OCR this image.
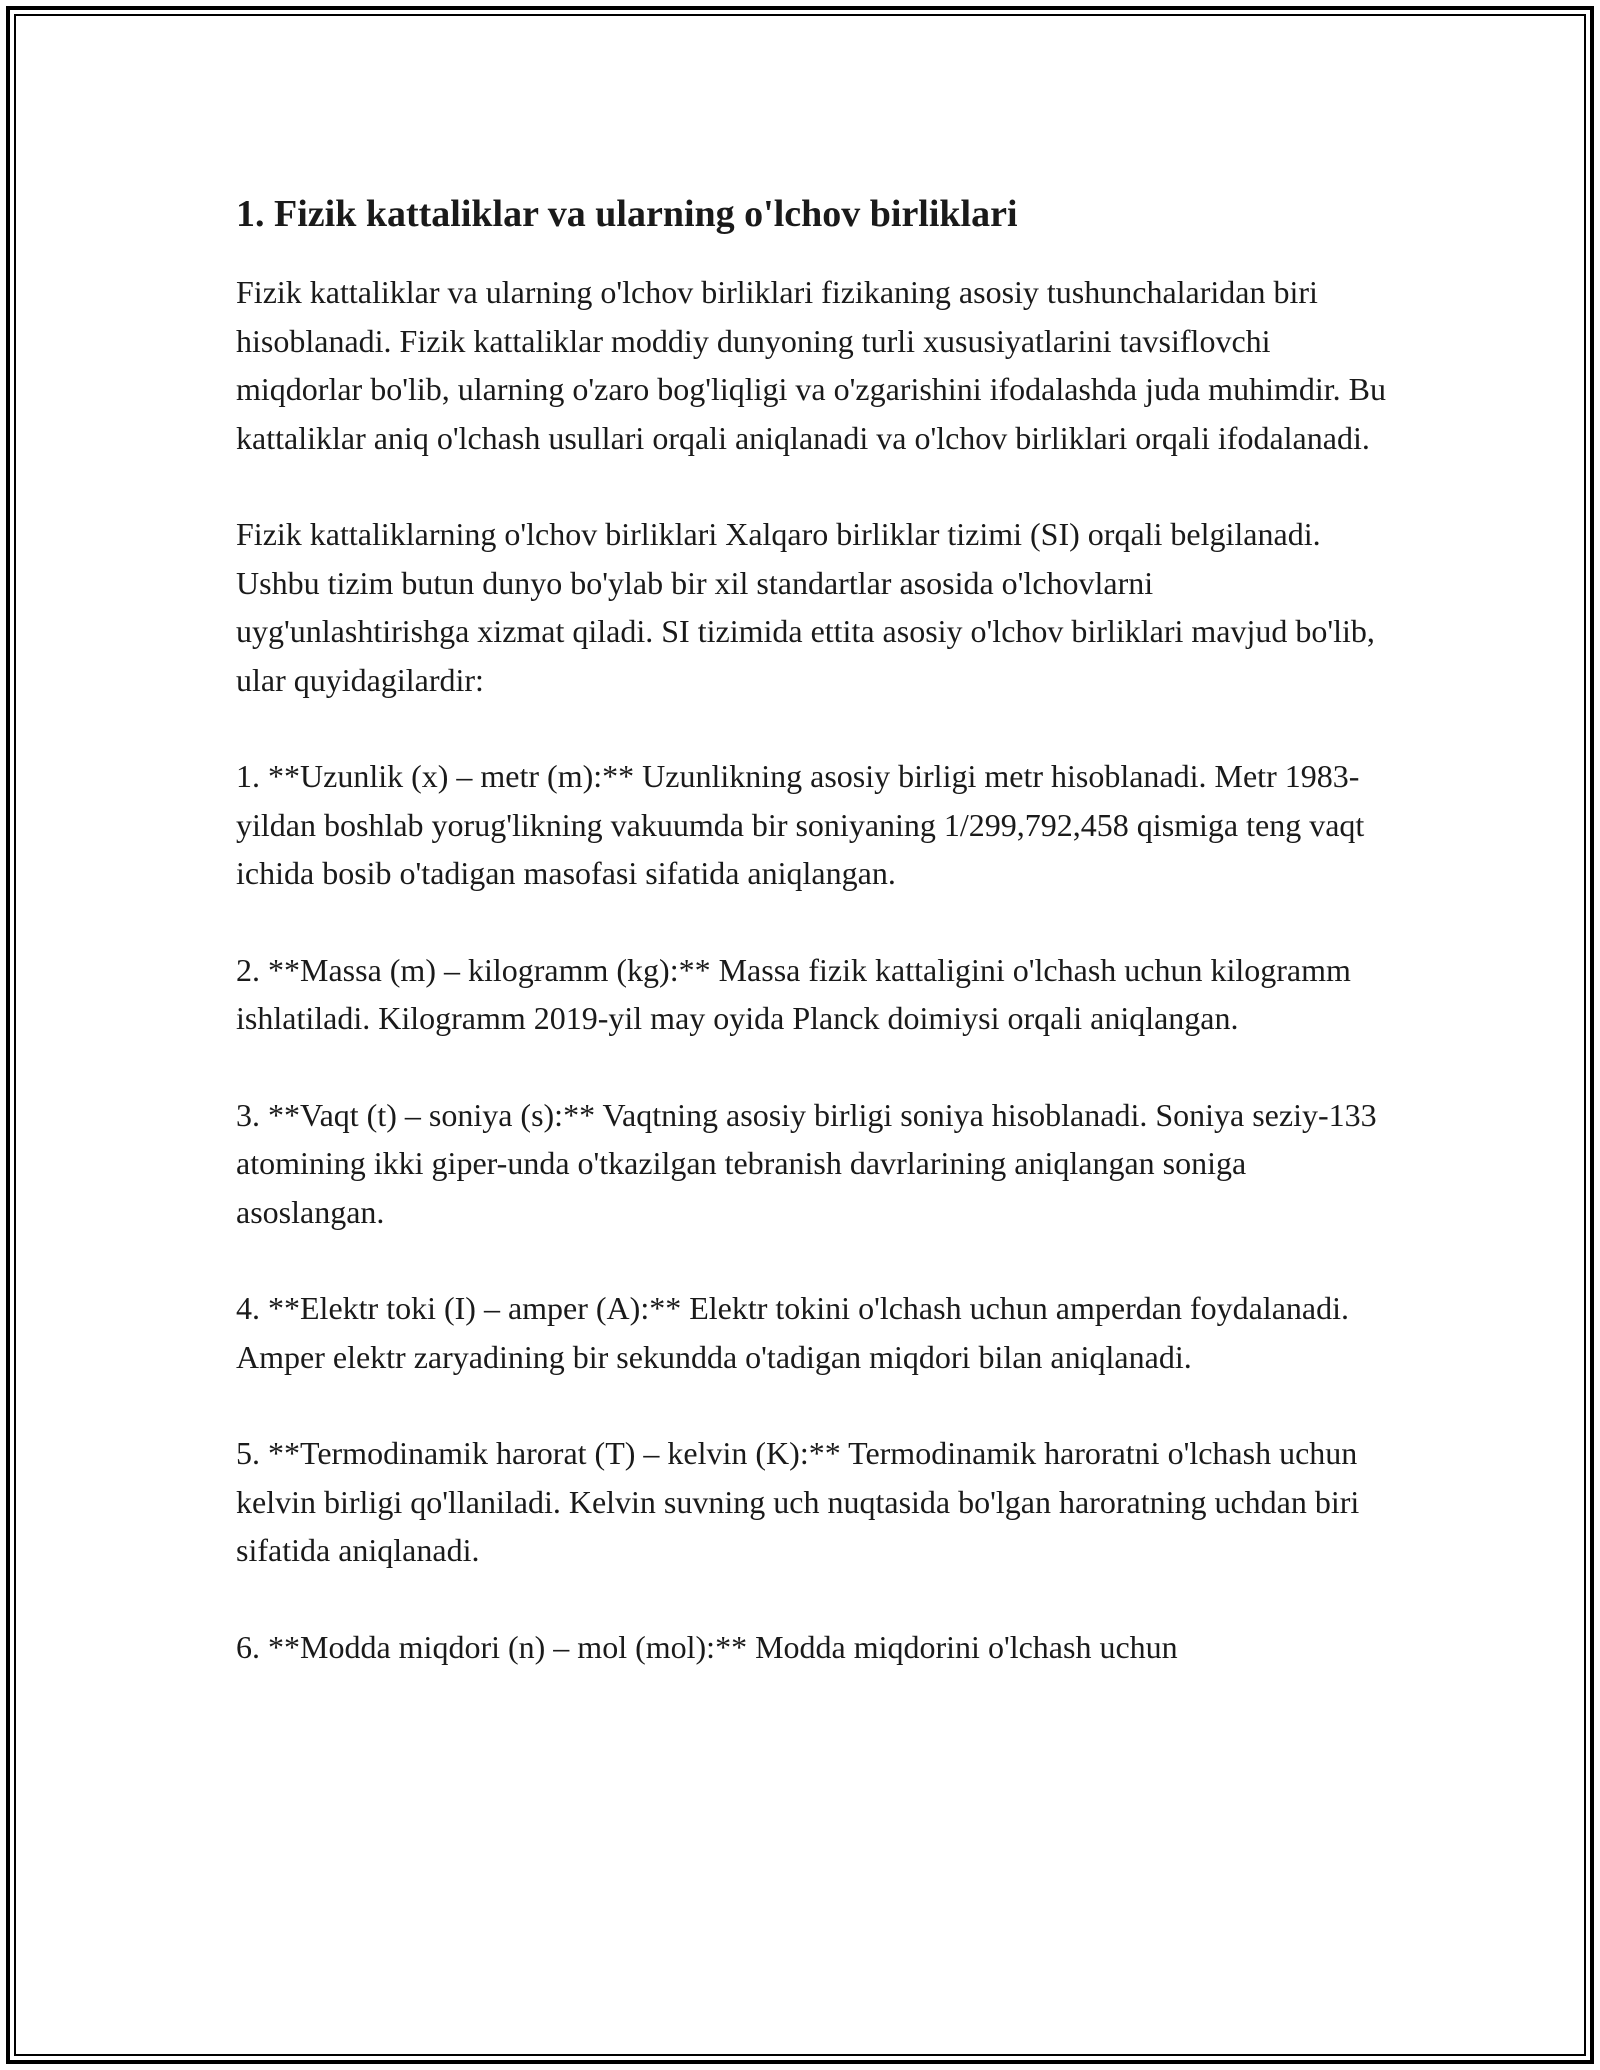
1. Fizik kattaliklar va ularning o'lchov birliklari

Fizik kattaliklar va ularning o'lchov birliklari fizikaning asosiy tushunchalaridan biri hisoblanadi. Fizik kattaliklar moddiy dunyoning turli xususiyatlarini tavsiflovchi miqdorlar bo'lib, ularning o'zaro bog'liqligi va o'zgarishini ifodalashda juda muhimdir. Bu kattaliklar aniq o'lchash usullari orqali aniqlanadi va o'lchov birliklari orqali ifodalanadi.

Fizik kattaliklarning o'lchov birliklari Xalqaro birliklar tizimi (SI) orqali belgilanadi. Ushbu tizim butun dunyo bo'ylab bir xil standartlar asosida o'lchovlarni uyg'unlashtirishga xizmat qiladi. SI tizimida ettita asosiy o'lchov birliklari mavjud bo'lib, ular quyidagilardir:

1. **Uzunlik (x) – metr (m):** Uzunlikning asosiy birligi metr hisoblanadi. Metr 1983-yildan boshlab yorug'likning vakuumda bir soniyaning 1/299,792,458 qismiga teng vaqt ichida bosib o'tadigan masofasi sifatida aniqlangan.

2. **Massa (m) – kilogramm (kg):** Massa fizik kattaligini o'lchash uchun kilogramm ishlatiladi. Kilogramm 2019-yil may oyida Planck doimiysi orqali aniqlangan.

3. **Vaqt (t) – soniya (s):** Vaqtning asosiy birligi soniya hisoblanadi. Soniya seziy-133 atomining ikki giper-unda o'tkazilgan tebranish davrlarining aniqlangan soniga asoslangan.

4. **Elektr toki (I) – amper (A):** Elektr tokini o'lchash uchun amperdan foydalanadi. Amper elektr zaryadining bir sekundda o'tadigan miqdori bilan aniqlanadi.

5. **Termodinamik harorat (T) – kelvin (K):** Termodinamik haroratni o'lchash uchun kelvin birligi qo'llaniladi. Kelvin suvning uch nuqtasida bo'lgan haroratning uchdan biri sifatida aniqlanadi.

6. **Modda miqdori (n) – mol (mol):** Modda miqdorini o'lchash uchun
